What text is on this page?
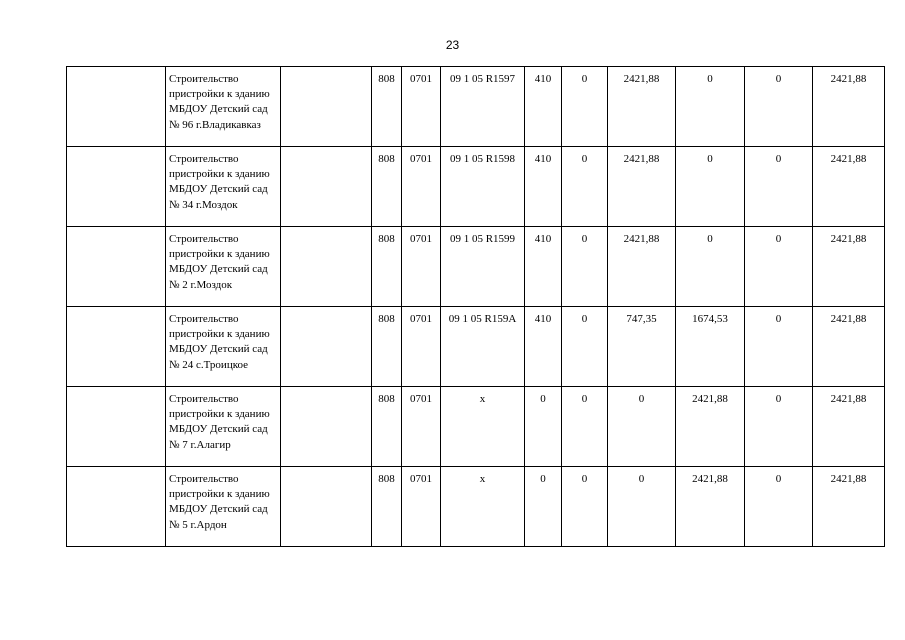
23
	Строительство пристройки к зданию МБДОУ Детский сад № 96 г.Владикавказ		808	0701	09 1 05 R1597	410	0	2421,88	0	0	2421,88
	Строительство пристройки к зданию МБДОУ Детский сад № 34 г.Моздок		808	0701	09 1 05 R1598	410	0	2421,88	0	0	2421,88
	Строительство пристройки к зданию МБДОУ Детский сад № 2 г.Моздок		808	0701	09 1 05 R1599	410	0	2421,88	0	0	2421,88
	Строительство пристройки к зданию МБДОУ Детский сад № 24 с.Троицкое		808	0701	09 1 05 R159A	410	0	747,35	1674,53	0	2421,88
	Строительство пристройки к зданию МБДОУ Детский сад № 7 г.Алагир		808	0701	х	0	0	0	2421,88	0	2421,88
	Строительство пристройки к зданию МБДОУ Детский сад № 5 г.Ардон		808	0701	х	0	0	0	2421,88	0	2421,88
